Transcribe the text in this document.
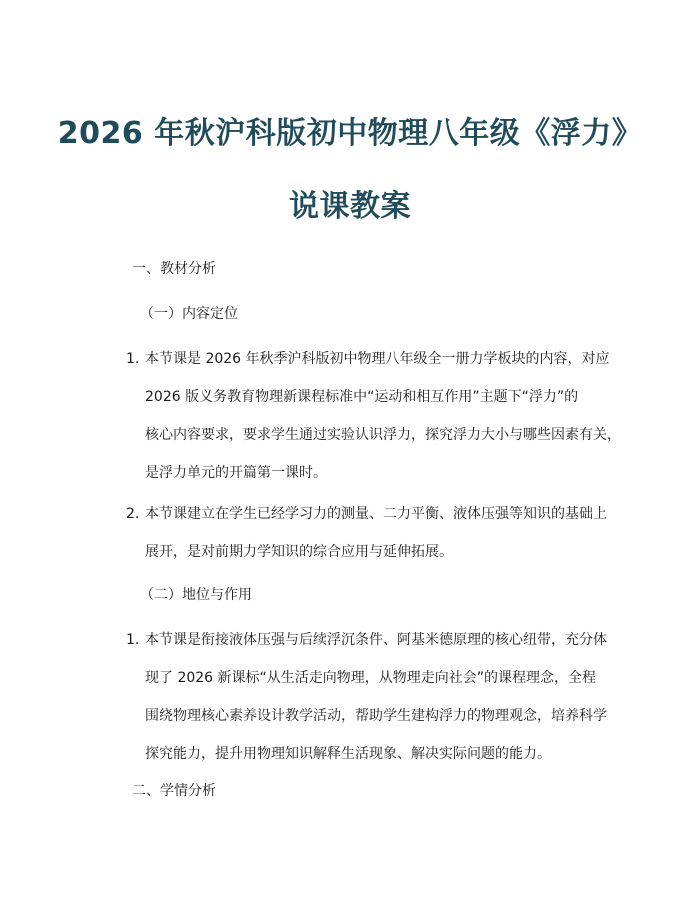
2026 年秋沪科版初中物理八年级《浮力》
说课教案
一、教材分析
（一）内容定位
1. 本节课是 2026 年秋季沪科版初中物理八年级全一册力学板块的内容，对应
2026 版义务教育物理新课程标准中“运动和相互作用”主题下“浮力”的
核心内容要求，要求学生通过实验认识浮力，探究浮力大小与哪些因素有关，
是浮力单元的开篇第一课时。
2. 本节课建立在学生已经学习力的测量、二力平衡、液体压强等知识的基础上
展开，是对前期力学知识的综合应用与延伸拓展。
（二）地位与作用
1. 本节课是衔接液体压强与后续浮沉条件、阿基米德原理的核心纽带，充分体
现了 2026 新课标“从生活走向物理，从物理走向社会”的课程理念，全程
围绕物理核心素养设计教学活动，帮助学生建构浮力的物理观念，培养科学
探究能力，提升用物理知识解释生活现象、解决实际问题的能力。
二、学情分析
